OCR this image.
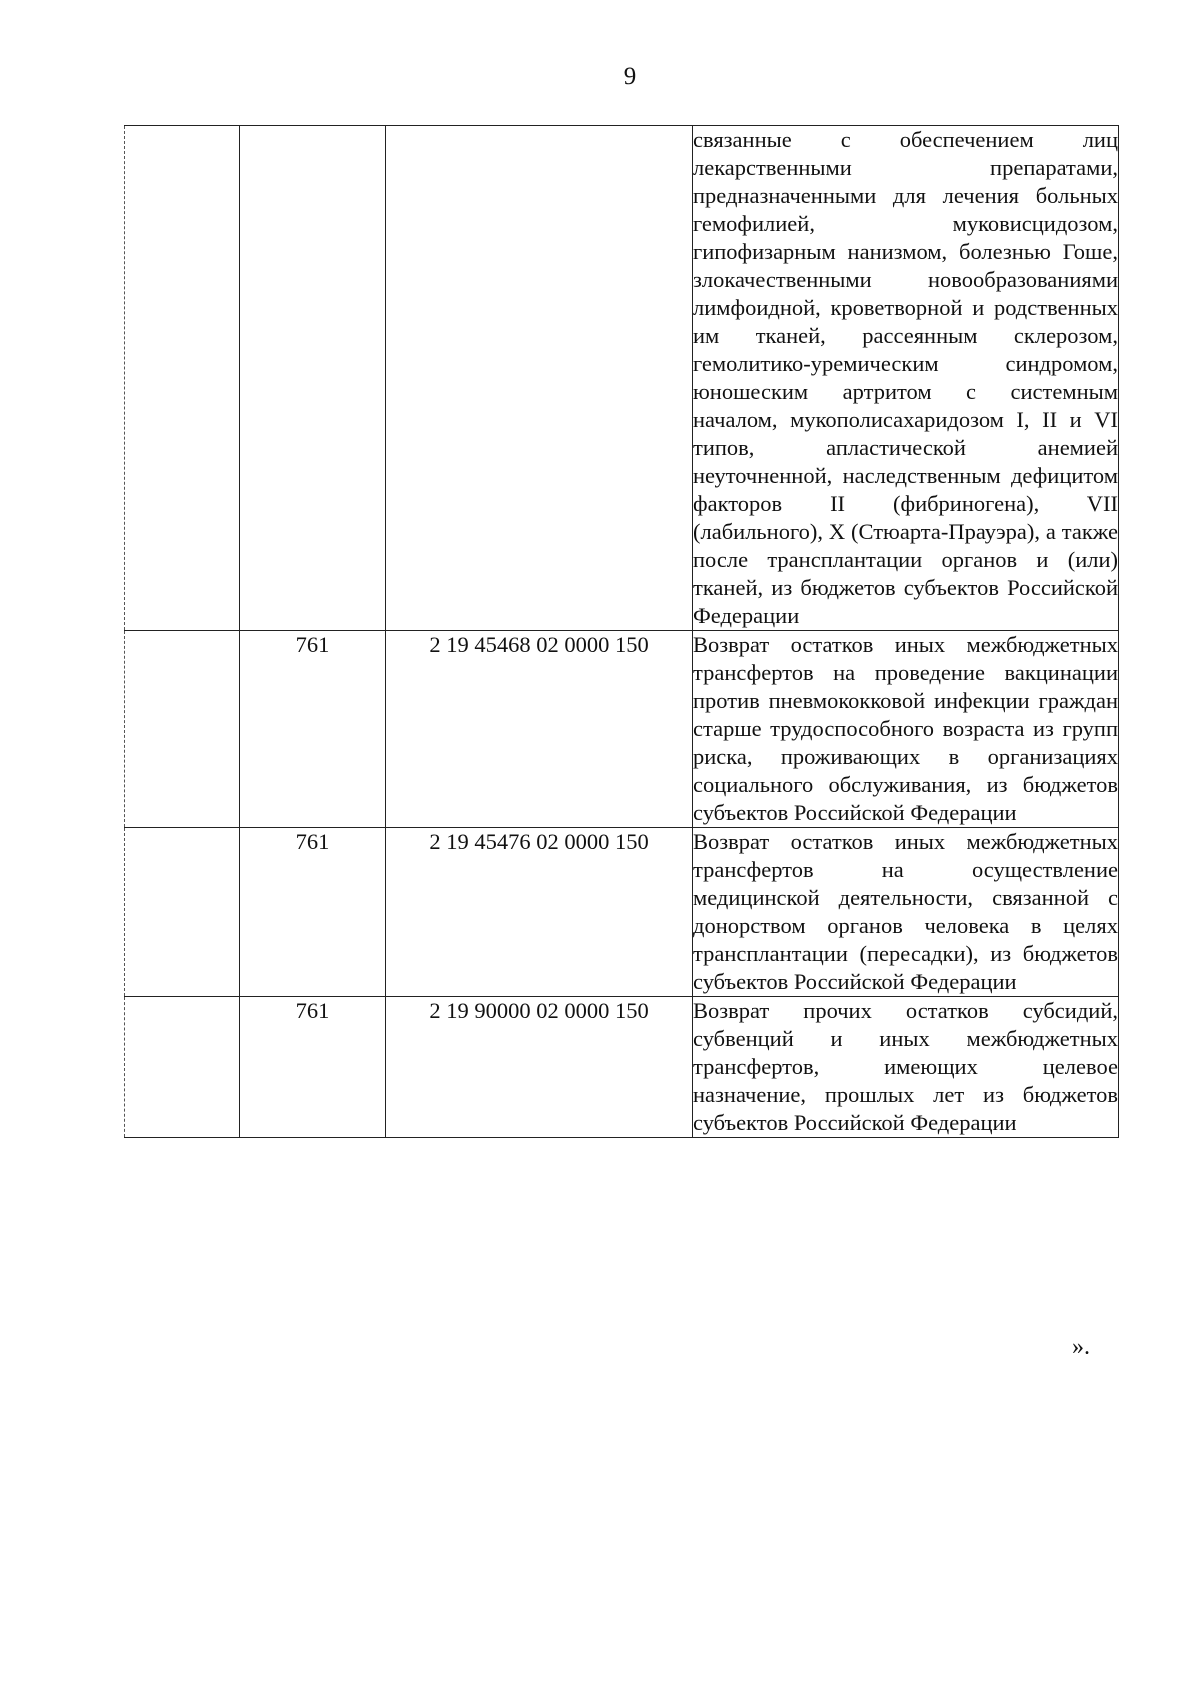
9
			связанные с обеспечением лиц лекарственными препаратами, предназначенными для лечения больных гемофилией, муковисцидозом, гипофизарным нанизмом, болезнью Гоше, злокачественными новообразованиями лимфоидной, кроветворной и родственных им тканей, рассеянным склерозом, гемолитико-уремическим синдромом, юношеским артритом с системным началом, мукополисахаридозом I, II и VI типов, апластической анемией неуточненной, наследственным дефицитом факторов II (фибриногена), VII (лабильного), X (Стюарта-Прауэра), а также после трансплантации органов и (или) тканей, из бюджетов субъектов Российской Федерации
	761	2 19 45468 02 0000 150	Возврат остатков иных межбюджетных трансфертов на проведение вакцинации против пневмококковой инфекции граждан старше трудоспособного возраста из групп риска, проживающих в организациях социального обслуживания, из бюджетов субъектов Российской Федерации
	761	2 19 45476 02 0000 150	Возврат остатков иных межбюджетных трансфертов на осуществление медицинской деятельности, связанной с донорством органов человека в целях трансплантации (пересадки), из бюджетов субъектов Российской Федерации
	761	2 19 90000 02 0000 150	Возврат прочих остатков субсидий, субвенций и иных межбюджетных трансфертов, имеющих целевое назначение, прошлых лет из бюджетов субъектов Российской Федерации
».
